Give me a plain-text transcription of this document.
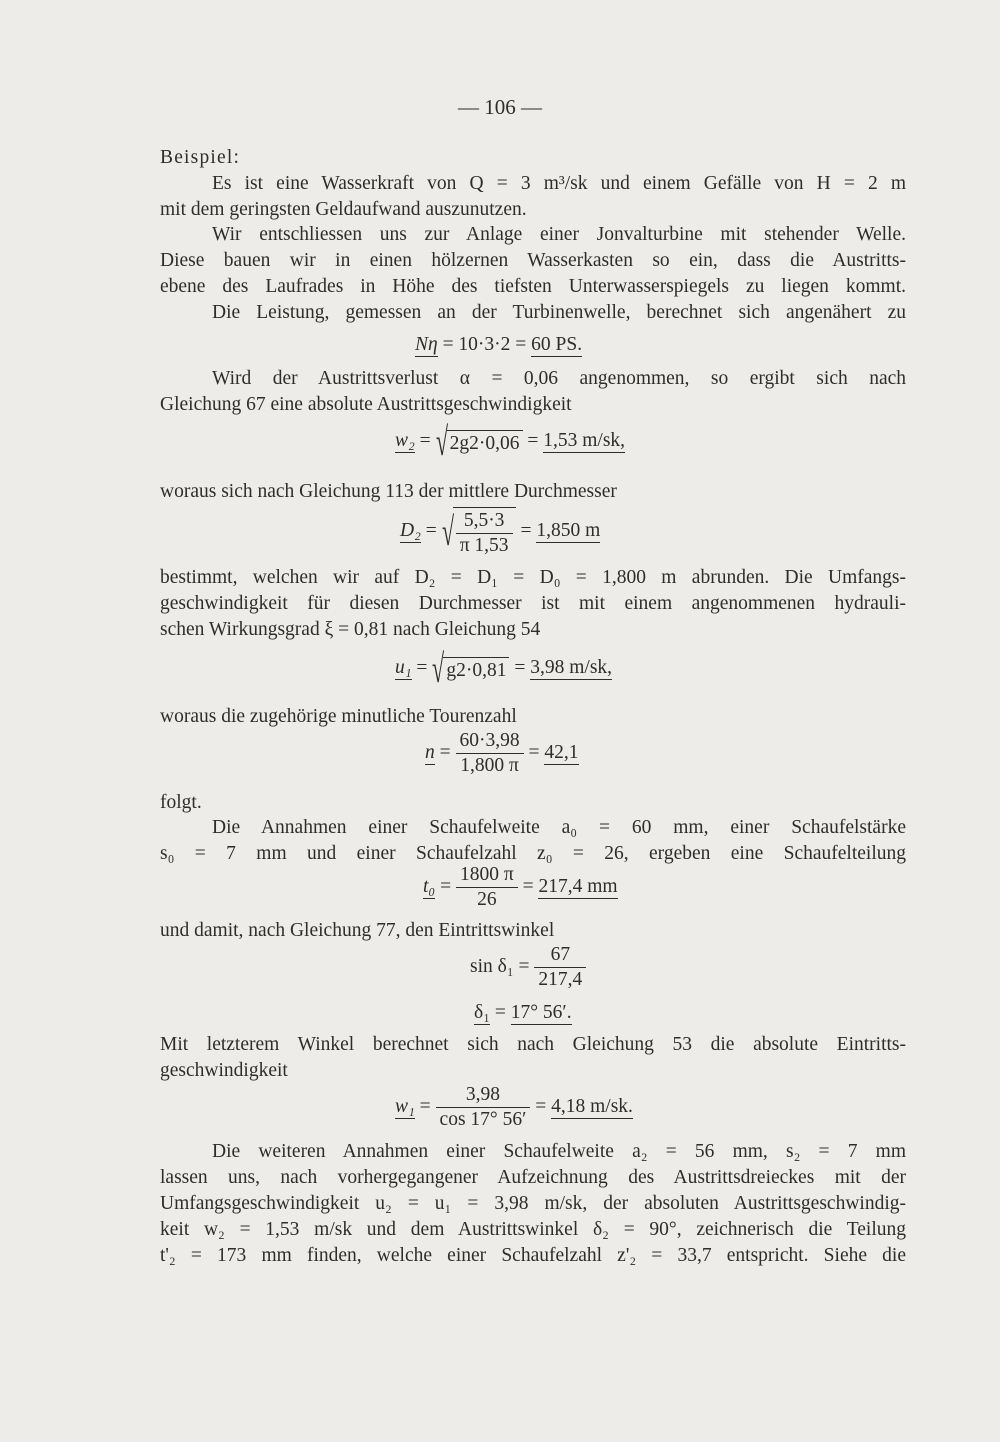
— 106 —
Beispiel:
Es ist eine Wasserkraft von Q = 3 m³/sk und einem Gefälle von H = 2 m
mit dem geringsten Geldaufwand auszunutzen.
Wir entschliessen uns zur Anlage einer Jonvalturbine mit stehender Welle.
Diese bauen wir in einen hölzernen Wasserkasten so ein, dass die Austritts-
ebene des Laufrades in Höhe des tiefsten Unterwasserspiegels zu liegen kommt.
Die Leistung, gemessen an der Turbinenwelle, berechnet sich angenähert zu
Nη = 10·3·2 = 60 PS.
Wird der Austrittsverlust α = 0,06 angenommen, so ergibt sich nach
Gleichung 67 eine absolute Austrittsgeschwindigkeit
w₂ = √2g2·0,06 = 1,53 m/sk,
woraus sich nach Gleichung 113 der mittlere Durchmesser
D₂ = √
$\frac{5,5\cdot 3}{\pi 1,53} = 1,850$ m
bestimmt, welchen wir auf D₂ = D₁ = D₀ = 1,800 m abrunden. Die Umfangs-
geschwindigkeit für diesen Durchmesser ist mit einem angenommenen hydrauli-
schen Wirkungsgrad ξ = 0,81 nach Gleichung 54
u₁ = √g2·0,81 = 3,98 m/sk,
woraus die zugehörige minutliche Tourenzahl
$n = \frac{60\cdot 3,98}{1,800 \pi} = 42,1$
folgt.
Die Annahmen einer Schaufelweite a₀ = 60 mm, einer Schaufelstärke
s₀ = 7 mm und einer Schaufelzahl z₀ = 26, ergeben eine Schaufelteilung
$t_0 = \frac{1800 \pi}{26} = 217,4$ mm
und damit, nach Gleichung 77, den Eintrittswinkel
$\sin \delta_1 = \frac{67}{217,4}$
δ₁ = 17° 56′.
Mit letzterem Winkel berechnet sich nach Gleichung 53 die absolute Eintritts-
geschwindigkeit
$w_1 = \frac{3,98}{\cos 17^\circ 56'} = 4,18$ m/sk.
Die weiteren Annahmen einer Schaufelweite a₂ = 56 mm, s₂ = 7 mm
lassen uns, nach vorhergegangener Aufzeichnung des Austrittsdreieckes mit der
Umfangsgeschwindigkeit u₂ = u₁ = 3,98 m/sk, der absoluten Austrittsgeschwindig-
keit w₂ = 1,53 m/sk und dem Austrittswinkel δ₂ = 90°, zeichnerisch die Teilung
t'₂ = 173 mm finden, welche einer Schaufelzahl z'₂ = 33,7 entspricht. Siehe die
